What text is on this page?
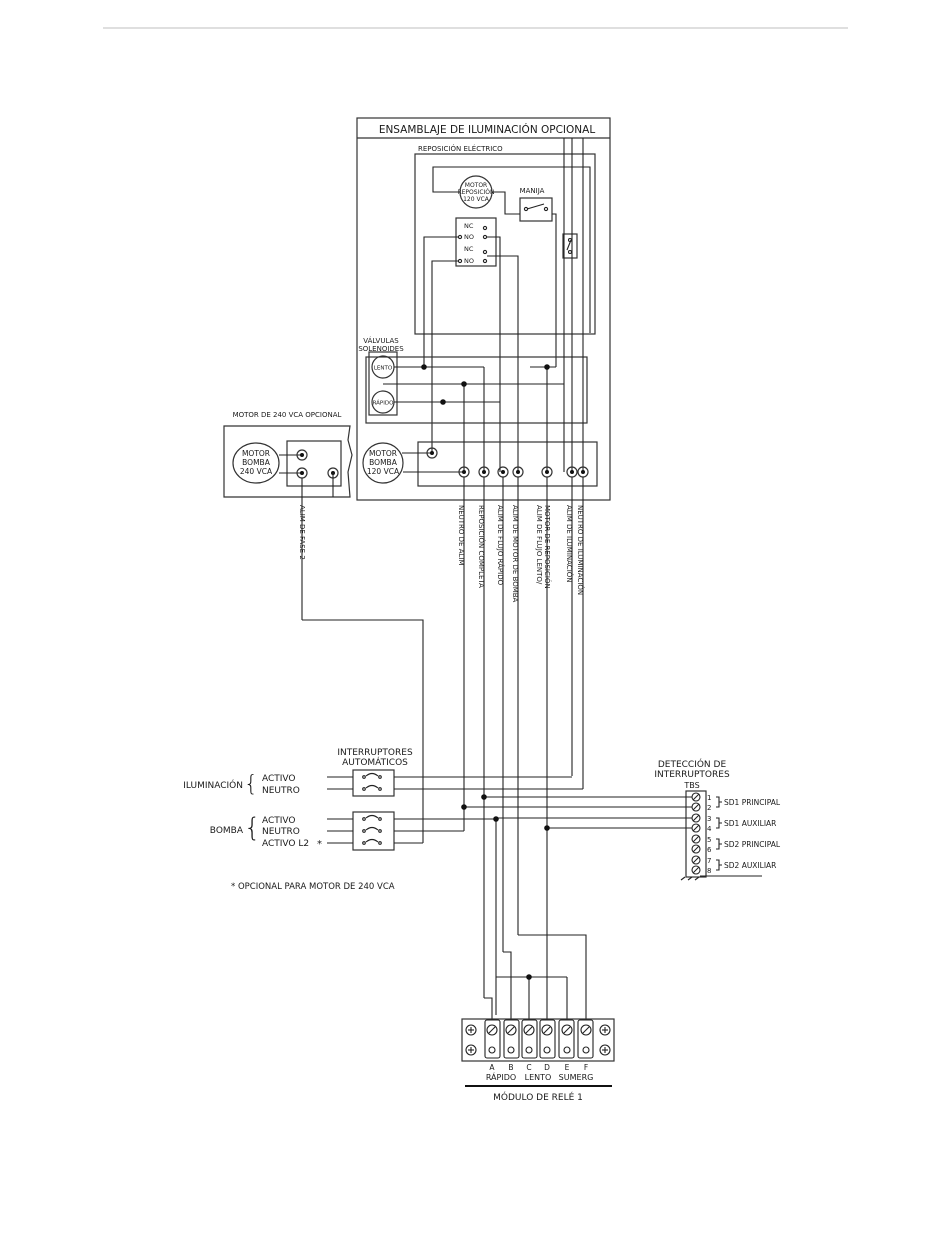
ENSAMBLAJE DE ILUMINACIÓN OPCIONAL
REPOSICIÓN ELÉCTRICO
MOTOR
REPOSICIÓN
120 VCA
MANIJA
NC
NO
NC
NO
VÁLVULAS
SOLENOIDES
LENTO
RÁPIDO
MOTOR
BOMBA
120 VCA
MOTOR DE 240 VCA OPCIONAL
MOTOR
BOMBA
240 VCA
ALIM DE FASE 2	NEUTRO DE ALIM REPOSICIÓN COMPLETA ALIM DE FLUJO RÁPIDO ALIM DE MOTOR DE BOMBA ALIM DE FLUJO LENTO/ MOTOR DE REPOSICIÓN ALIM DE ILUMINACIÓN NEUTRO DE ILUMINACIÓN
INTERRUPTORES
AUTOMÁTICOS
ILUMINACIÓN { ACTIVO
NEUTRO
BOMBA { ACTIVO
NEUTRO
ACTIVO L2 *
* OPCIONAL PARA MOTOR DE 240 VCA
DETECCIÓN DE
INTERRUPTORES
TBS
1
2
3
4
5
6
7
8
SD1 PRINCIPAL
SD1 AUXILIAR
SD2 PRINCIPAL
SD2 AUXILIAR
A B C D E F
RÁPIDO LENTO SUMERG
MÓDULO DE RELÉ 1
